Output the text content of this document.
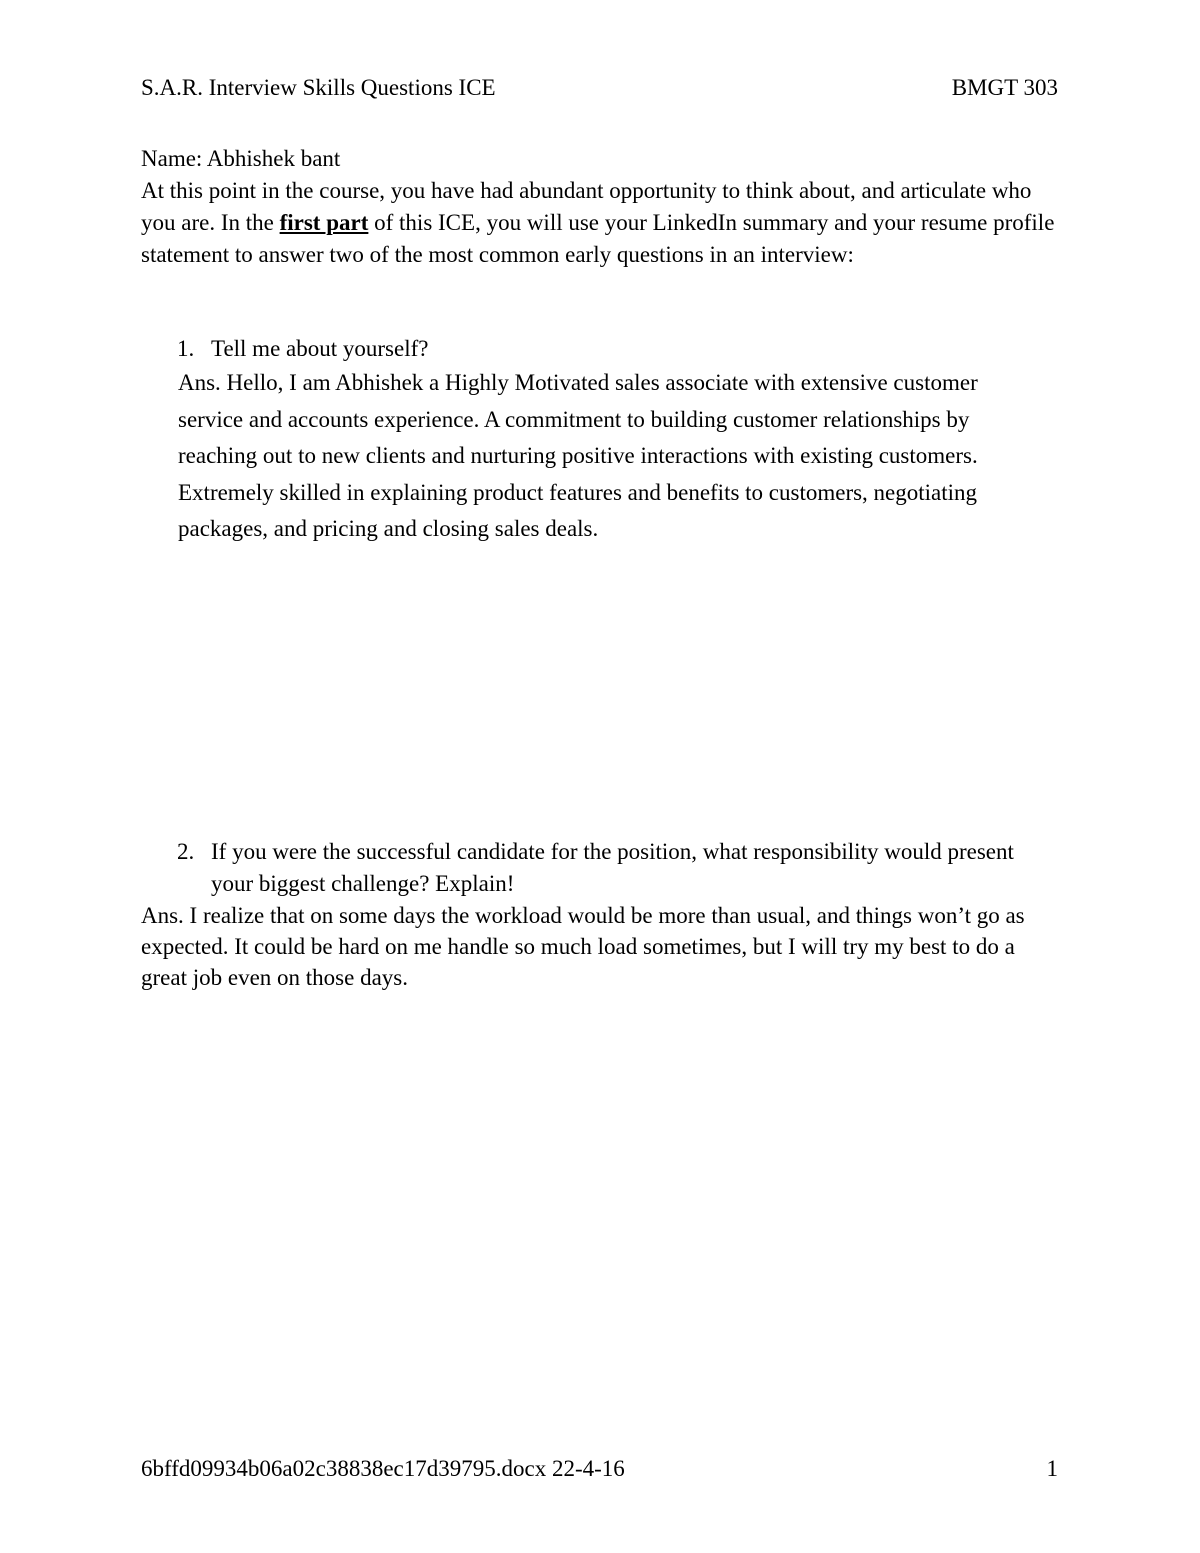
S.A.R. Interview Skills Questions ICE	BMGT 303

Name: Abhishek bant

At this point in the course, you have had abundant opportunity to think about, and articulate who you are. In the first part of this ICE, you will use your LinkedIn summary and your resume profile statement to answer two of the most common early questions in an interview:

1. Tell me about yourself?

Ans. Hello, I am Abhishek a Highly Motivated sales associate with extensive customer service and accounts experience. A commitment to building customer relationships by reaching out to new clients and nurturing positive interactions with existing customers. Extremely skilled in explaining product features and benefits to customers, negotiating packages, and pricing and closing sales deals.

2. If you were the successful candidate for the position, what responsibility would present your biggest challenge? Explain!

Ans. I realize that on some days the workload would be more than usual, and things won’t go as expected. It could be hard on me handle so much load sometimes, but I will try my best to do a great job even on those days.

6bffd09934b06a02c38838ec17d39795.docx 22-4-16	1
